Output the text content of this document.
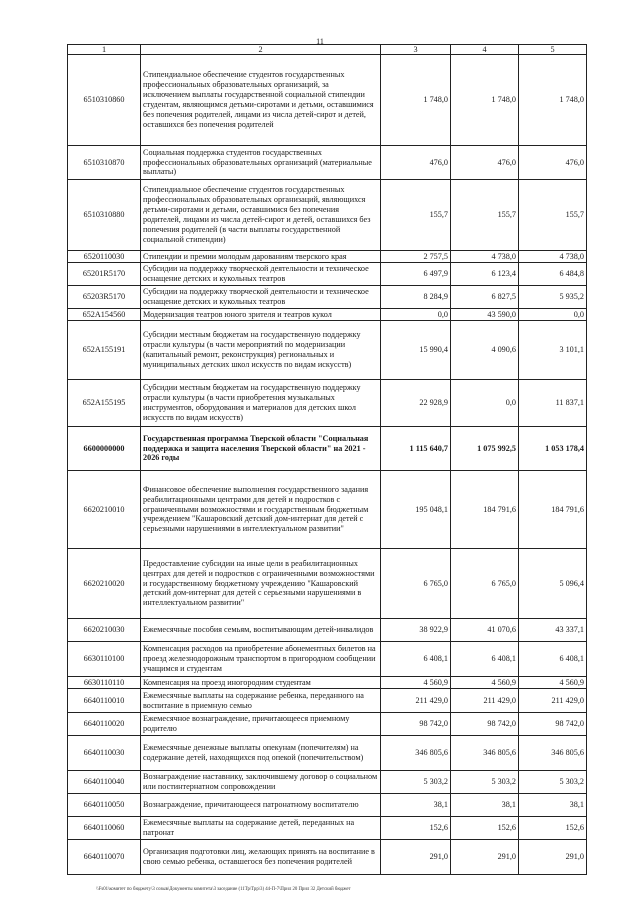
11
1	2	3	4	5
6510310860	Стипендиальное обеспечение студентов государственных профессиональных образовательных организаций, за исключением выплаты государственной социальной стипендии студентам, являющимся детьми-сиротами и детьми, оставшимися без попечения родителей, лицами из числа детей-сирот и детей, оставшихся без попечения родителей	1 748,0	1 748,0	1 748,0
6510310870	Социальная поддержка студентов государственных профессиональных образовательных организаций (материальные выплаты)	476,0	476,0	476,0
6510310880	Стипендиальное обеспечение студентов государственных профессиональных образовательных организаций, являющихся детьми-сиротами и детьми, оставшимися без попечения родителей, лицами из числа детей-сирот и детей, оставшихся без попечения родителей (в части выплаты государственной социальной стипендии)	155,7	155,7	155,7
6520110030	Стипендии и премии молодым дарованиям тверского края	2 757,5	4 738,0	4 738,0
65201R5170	Субсидии на поддержку творческой деятельности и техническое оснащение детских и кукольных театров	6 497,9	6 123,4	6 484,8
65203R5170	Субсидии на поддержку творческой деятельности и техническое оснащение детских и кукольных театров	8 284,9	6 827,5	5 935,2
652A154560	Модернизация театров юного зрителя и театров кукол	0,0	43 590,0	0,0
652A155191	Субсидии местным бюджетам на государственную поддержку отрасли культуры (в части мероприятий по модернизации (капитальный ремонт, реконструкция) региональных и муниципальных детских школ искусств по видам искусств)	15 990,4	4 090,6	3 101,1
652A155195	Субсидии местным бюджетам на государственную поддержку отрасли культуры (в части приобретения музыкальных инструментов, оборудования и материалов для детских школ искусств по видам искусств)	22 928,9	0,0	11 837,1
6600000000	Государственная программа Тверской области "Социальная поддержка и защита населения Тверской области" на 2021 - 2026 годы	1 115 640,7	1 075 992,5	1 053 178,4
6620210010	Финансовое обеспечение выполнения государственного задания реабилитационными центрами для детей и подростков с ограниченными возможностями и государственным бюджетным учреждением "Кашаровский детский дом-интернат для детей с серьезными нарушениями в интеллектуальном развитии"	195 048,1	184 791,6	184 791,6
6620210020	Предоставление субсидии на иные цели в реабилитационных центрах для детей и подростков с ограниченными возможностями и государственному бюджетному учреждению "Кашаровский детский дом-интернат для детей с серьезными нарушениями в интеллектуальном развитии"	6 765,0	6 765,0	5 096,4
6620210030	Ежемесячные пособия семьям, воспитывающим детей-инвалидов	38 922,9	41 070,6	43 337,1
6630110100	Компенсация расходов на приобретение абонементных билетов на проезд железнодорожным транспортом в пригородном сообщении учащимся и студентам	6 408,1	6 408,1	6 408,1
6630110110	Компенсация на проезд иногородним студентам	4 560,9	4 560,9	4 560,9
6640110010	Ежемесячные выплаты на содержание ребенка, переданного на воспитание в приемную семью	211 429,0	211 429,0	211 429,0
6640110020	Ежемесячное вознаграждение, причитающееся приемному родителю	98 742,0	98 742,0	98 742,0
6640110030	Ежемесячные денежные выплаты опекунам (попечителям) на содержание детей, находящихся под опекой (попечительством)	346 805,6	346 805,6	346 805,6
6640110040	Вознаграждение наставнику, заключившему договор о социальном или постинтернатном сопровождении	5 303,2	5 303,2	5 303,2
6640110050	Вознаграждение, причитающееся патронатному воспитателю	38,1	38,1	38,1
6640110060	Ежемесячные выплаты на содержание детей, переданных на патронат	152,6	152,6	152,6
6640110070	Организация подготовки лиц, желающих принять на воспитание в свою семью ребенка, оставшегося без попечения родителей	291,0	291,0	291,0
\\Fs01\комитет по бюджету\3 созыв\Документы комитета\3 заседание (11Тр\Трр\3) 44-П-7\Прил 20 Прил 32 Детский бюджет
